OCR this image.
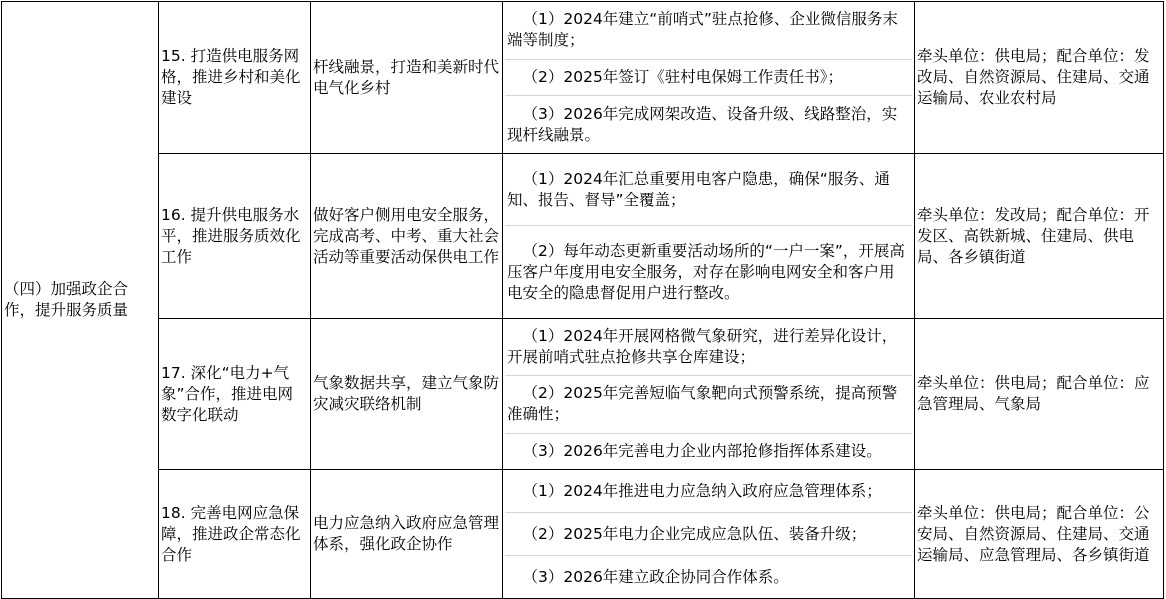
（四）加强政企合作，提升服务质量	15. 打造供电服务网格，推进乡村和美化建设	杆线融景，打造和美新时代电气化乡村	（1）2024年建立“前哨式”驻点抢修、企业微信服务末端等制度；
（2）2025年签订《驻村电保姆工作责任书》；
（3）2026年完成网架改造、设备升级、线路整治，实现杆线融景。	牵头单位：供电局；配合单位：发改局、自然资源局、住建局、交通运输局、农业农村局
	16. 提升供电服务水平，推进服务质效化工作	做好客户侧用电安全服务，完成高考、中考、重大社会活动等重要活动保供电工作	（1）2024年汇总重要用电客户隐患，确保“服务、通知、报告、督导”全覆盖；
（2）每年动态更新重要活动场所的“一户一案”，开展高压客户年度用电安全服务，对存在影响电网安全和客户用电安全的隐患督促用户进行整改。	牵头单位：发改局；配合单位：开发区、高铁新城、住建局、供电局、各乡镇街道
	17. 深化“电力+气象”合作，推进电网数字化联动	气象数据共享，建立气象防灾减灾联络机制	（1）2024年开展网格微气象研究，进行差异化设计，开展前哨式驻点抢修共享仓库建设；
（2）2025年完善短临气象靶向式预警系统，提高预警准确性；
（3）2026年完善电力企业内部抢修指挥体系建设。	牵头单位：供电局；配合单位：应急管理局、气象局
	18. 完善电网应急保障，推进政企常态化合作	电力应急纳入政府应急管理体系，强化政企协作	（1）2024年推进电力应急纳入政府应急管理体系；
（2）2025年电力企业完成应急队伍、装备升级；
（3）2026年建立政企协同合作体系。	牵头单位：供电局；配合单位：公安局、自然资源局、住建局、交通运输局、应急管理局、各乡镇街道
